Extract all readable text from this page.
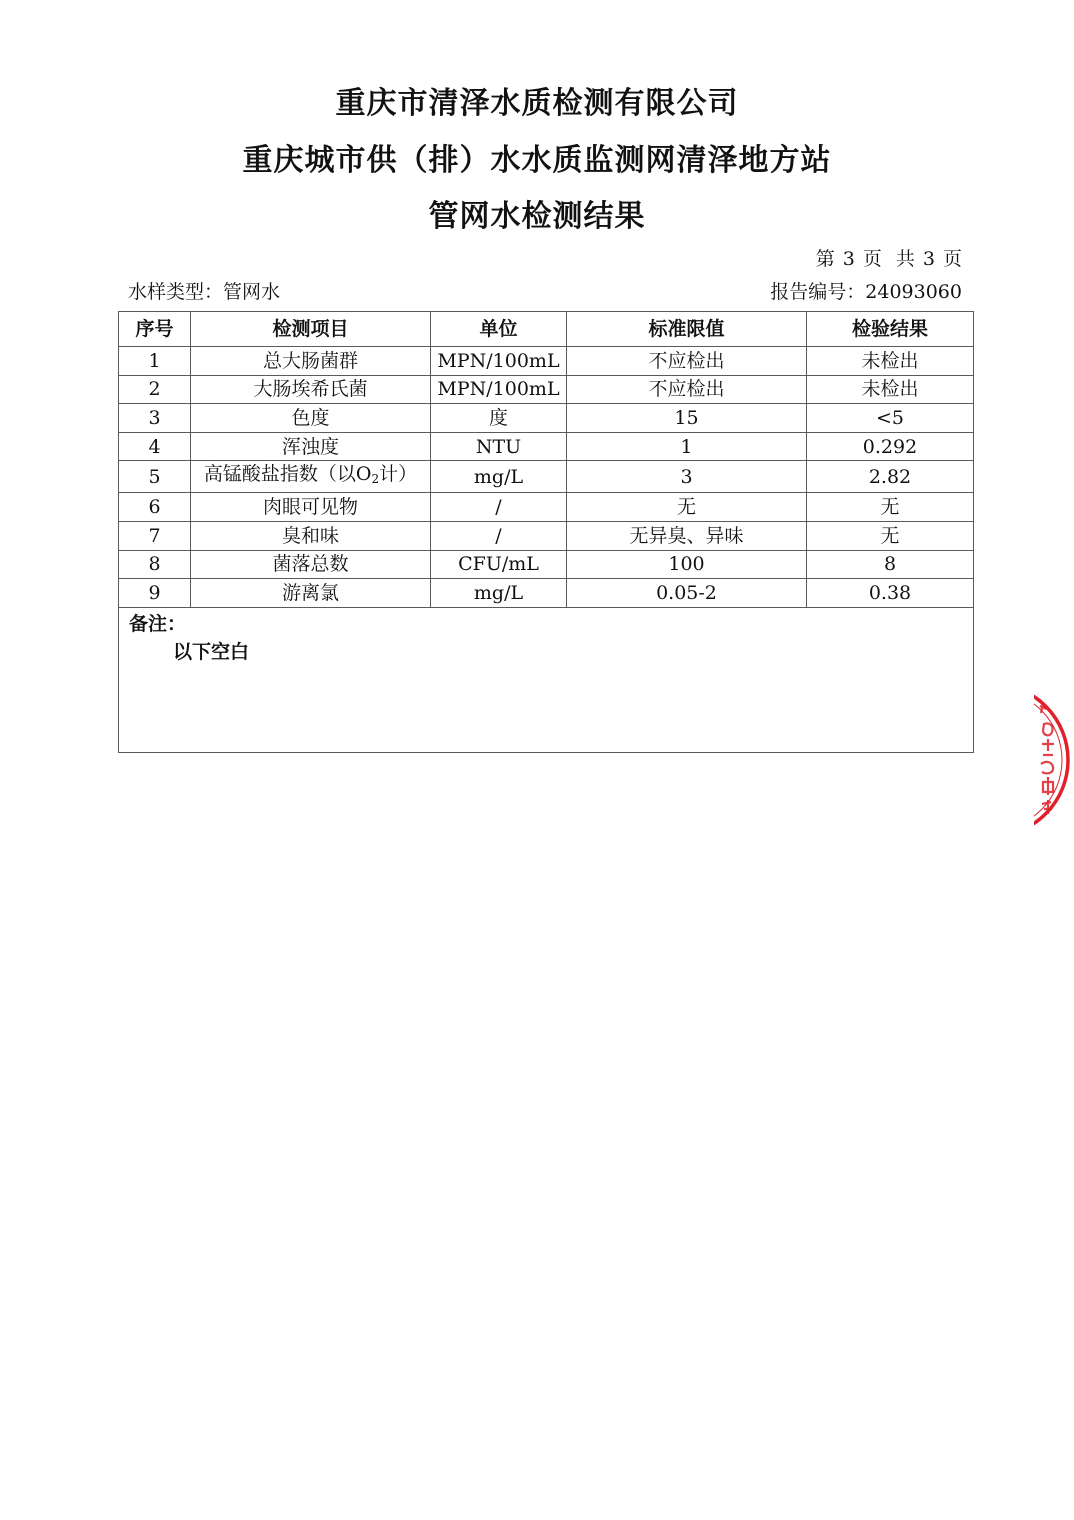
重庆市清泽水质检测有限公司
重庆城市供（排）水水质监测网清泽地方站
管网水检测结果
第 3 页 共 3 页
水样类型：管网水	报告编号：24093060
序号	检测项目	单位	标准限值	检验结果
1	总大肠菌群	MPN/100mL	不应检出	未检出
2	大肠埃希氏菌	MPN/100mL	不应检出	未检出
3	色度	度	15	<5
4	浑浊度	NTU	1	0.292
5	高锰酸盐指数（以$O_2$计）	mg/L	3	2.82
6	肉眼可见物	/	无	无
7	臭和味	/	无异臭、异味	无
8	菌落总数	CFU/mL	100	8
9	游离氯	mg/L	0.05-2	0.38

备注：
以下空白				
